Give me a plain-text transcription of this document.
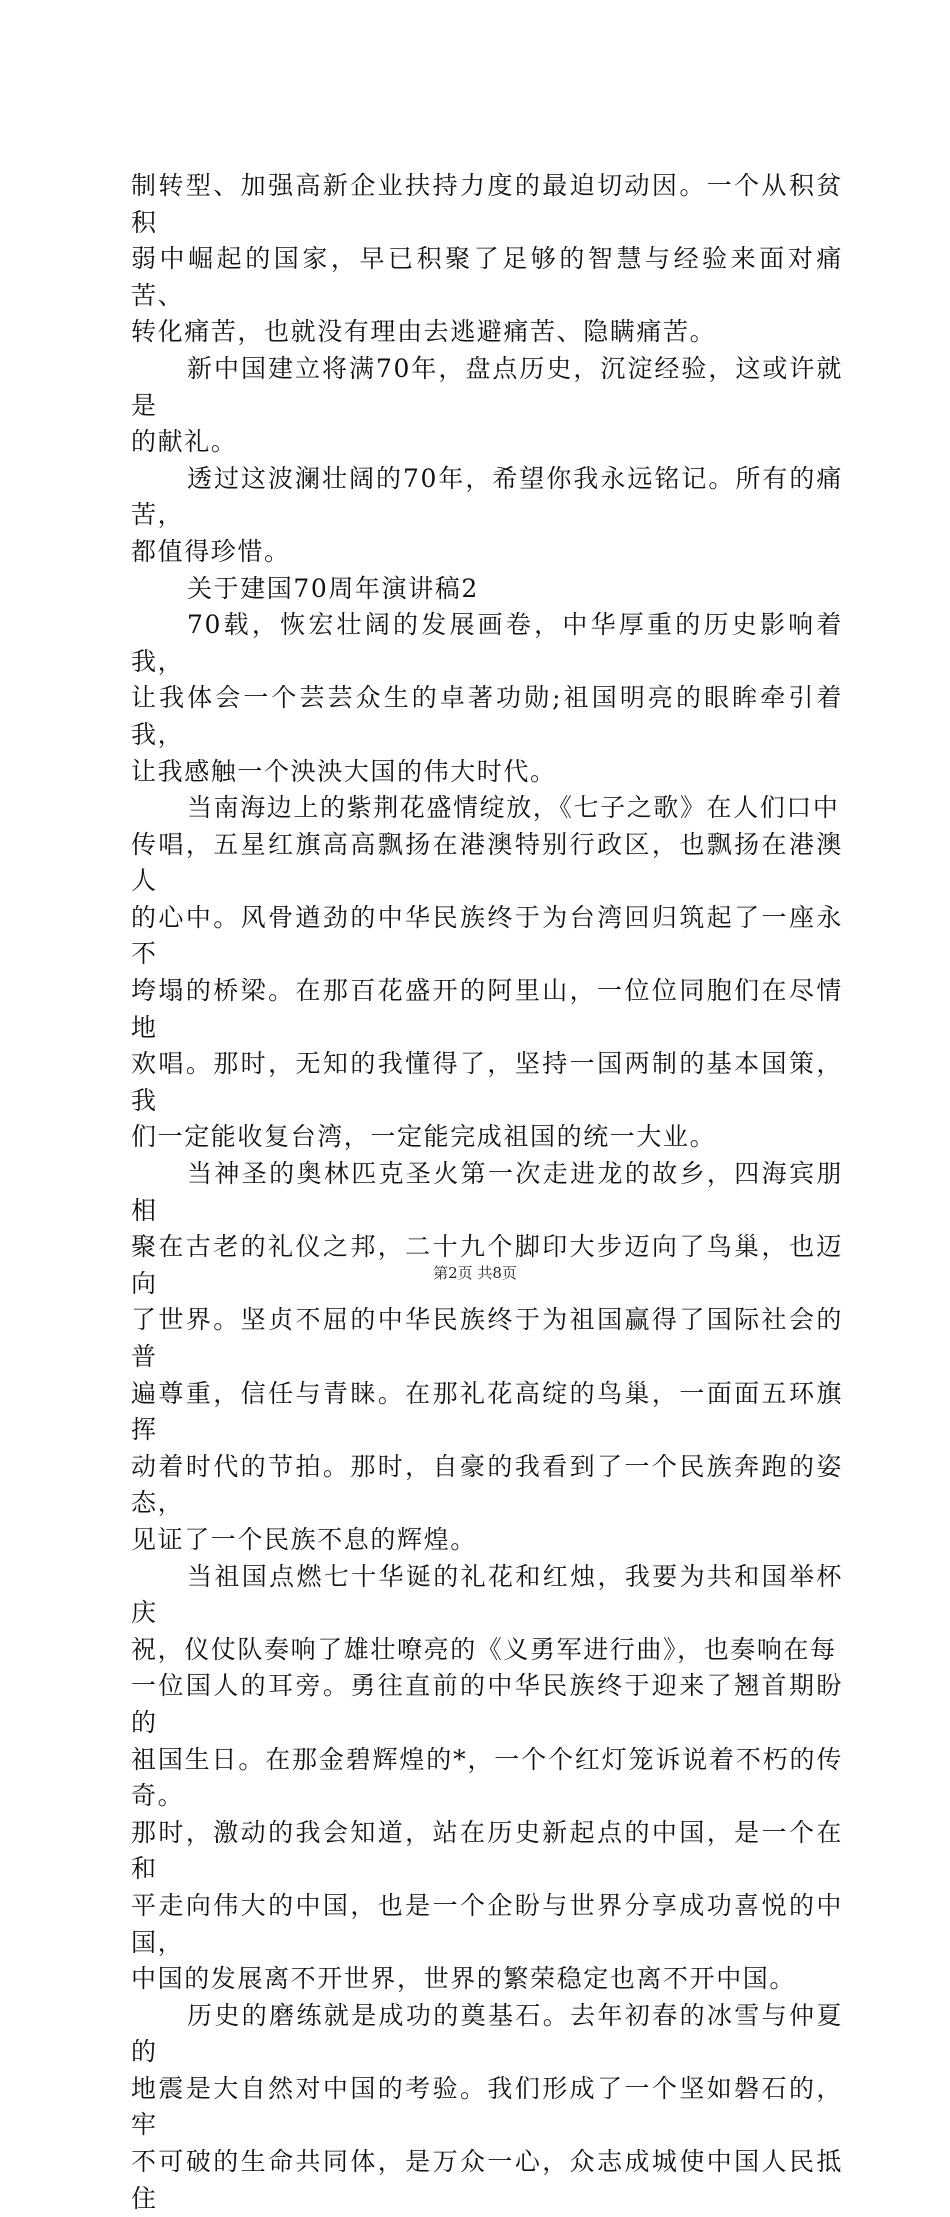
制转型、加强高新企业扶持力度的最迫切动因。一个从积贫积
弱中崛起的国家，早已积聚了足够的智慧与经验来面对痛苦、
转化痛苦，也就没有理由去逃避痛苦、隐瞒痛苦。

新中国建立将满70年，盘点历史，沉淀经验，这或许就是
的献礼。

透过这波澜壮阔的70年，希望你我永远铭记。所有的痛苦，
都值得珍惜。

关于建国70周年演讲稿2

70载，恢宏壮阔的发展画卷，中华厚重的历史影响着我，
让我体会一个芸芸众生的卓著功勋;祖国明亮的眼眸牵引着我，
让我感触一个泱泱大国的伟大时代。

当南海边上的紫荆花盛情绽放，《七子之歌》在人们口中
传唱，五星红旗高高飘扬在港澳特别行政区，也飘扬在港澳人
的心中。风骨遒劲的中华民族终于为台湾回归筑起了一座永不
垮塌的桥梁。在那百花盛开的阿里山，一位位同胞们在尽情地
欢唱。那时，无知的我懂得了，坚持一国两制的基本国策，我
们一定能收复台湾，一定能完成祖国的统一大业。

当神圣的奥林匹克圣火第一次走进龙的故乡，四海宾朋相
聚在古老的礼仪之邦，二十九个脚印大步迈向了鸟巢，也迈向
了世界。坚贞不屈的中华民族终于为祖国赢得了国际社会的普
遍尊重，信任与青睐。在那礼花高绽的鸟巢，一面面五环旗挥
动着时代的节拍。那时，自豪的我看到了一个民族奔跑的姿态，
见证了一个民族不息的辉煌。

当祖国点燃七十华诞的礼花和红烛，我要为共和国举杯庆
祝，仪仗队奏响了雄壮嘹亮的《义勇军进行曲》，也奏响在每
一位国人的耳旁。勇往直前的中华民族终于迎来了翘首期盼的
祖国生日。在那金碧辉煌的*，一个个红灯笼诉说着不朽的传奇。
那时，激动的我会知道，站在历史新起点的中国，是一个在和
平走向伟大的中国，也是一个企盼与世界分享成功喜悦的中国，
中国的发展离不开世界，世界的繁荣稳定也离不开中国。

历史的磨练就是成功的奠基石。去年初春的冰雪与仲夏的
地震是大自然对中国的考验。我们形成了一个坚如磐石的，牢
不可破的生命共同体，是万众一心，众志成城使中国人民抵住

第2页 共8页
